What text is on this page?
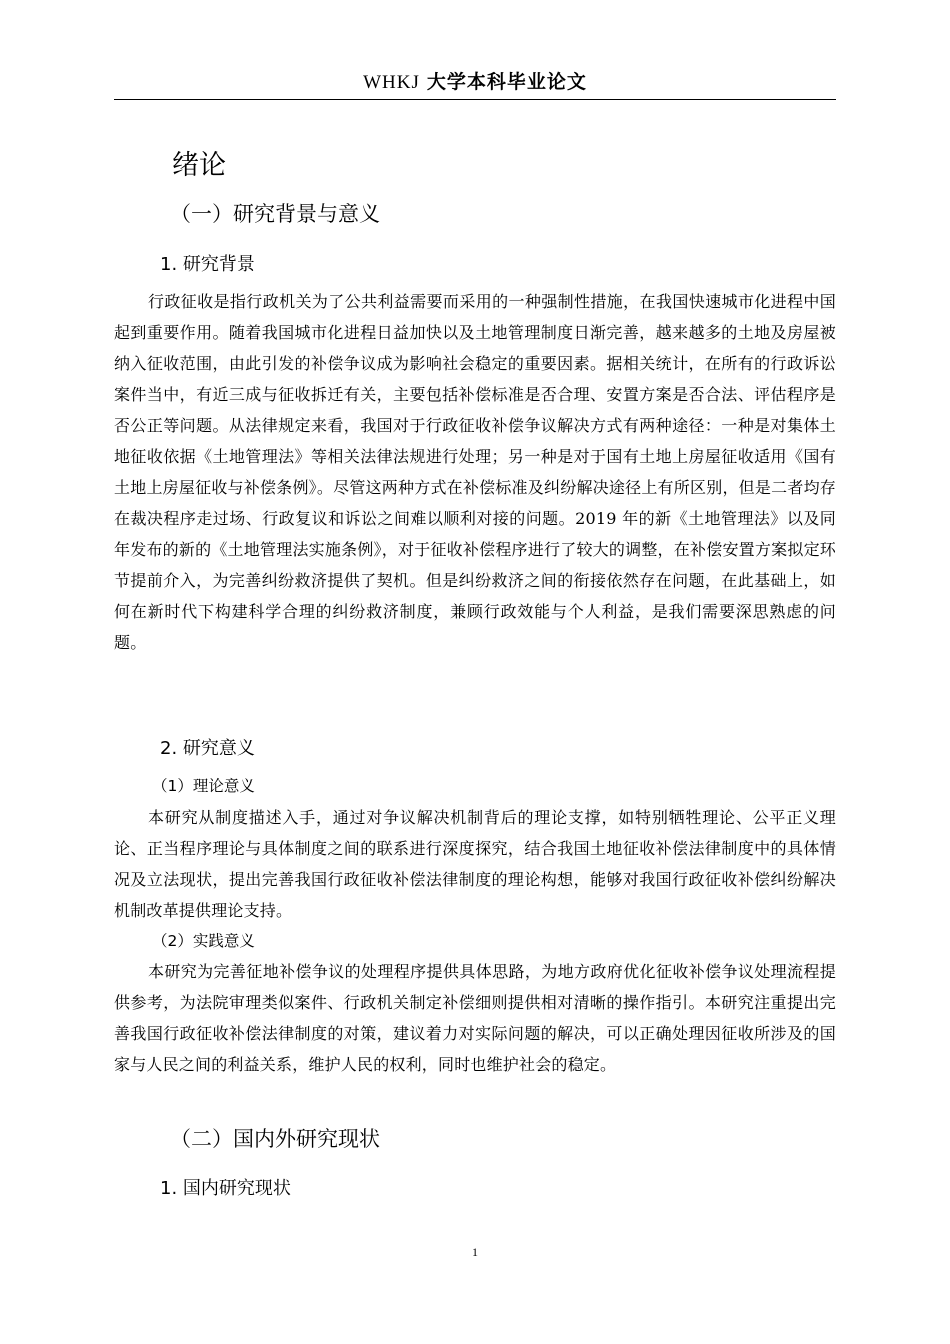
WHKJ 大学本科毕业论文
绪论
（一）研究背景与意义
1. 研究背景

行政征收是指行政机关为了公共利益需要而采用的一种强制性措施，在我国快速城市化进程中国起到重要作用。随着我国城市化进程日益加快以及土地管理制度日渐完善，越来越多的土地及房屋被纳入征收范围，由此引发的补偿争议成为影响社会稳定的重要因素。据相关统计，在所有的行政诉讼案件当中，有近三成与征收拆迁有关，主要包括补偿标准是否合理、安置方案是否合法、评估程序是否公正等问题。从法律规定来看，我国对于行政征收补偿争议解决方式有两种途径：一种是对集体土地征收依据《土地管理法》等相关法律法规进行处理；另一种是对于国有土地上房屋征收适用《国有土地上房屋征收与补偿条例》。尽管这两种方式在补偿标准及纠纷解决途径上有所区别，但是二者均存在裁决程序走过场、行政复议和诉讼之间难以顺利对接的问题。2019 年的新《土地管理法》以及同年发布的新的《土地管理法实施条例》，对于征收补偿程序进行了较大的调整，在补偿安置方案拟定环节提前介入，为完善纠纷救济提供了契机。但是纠纷救济之间的衔接依然存在问题，在此基础上，如何在新时代下构建科学合理的纠纷救济制度，兼顾行政效能与个人利益，是我们需要深思熟虑的问题。

2. 研究意义
（1）理论意义

本研究从制度描述入手，通过对争议解决机制背后的理论支撑，如特别牺牲理论、公平正义理论、正当程序理论与具体制度之间的联系进行深度探究，结合我国土地征收补偿法律制度中的具体情况及立法现状，提出完善我国行政征收补偿法律制度的理论构想，能够对我国行政征收补偿纠纷解决机制改革提供理论支持。

（2）实践意义

本研究为完善征地补偿争议的处理程序提供具体思路，为地方政府优化征收补偿争议处理流程提供参考，为法院审理类似案件、行政机关制定补偿细则提供相对清晰的操作指引。本研究注重提出完善我国行政征收补偿法律制度的对策，建议着力对实际问题的解决，可以正确处理因征收所涉及的国家与人民之间的利益关系，维护人民的权利，同时也维护社会的稳定。

（二）国内外研究现状
1. 国内研究现状
1
